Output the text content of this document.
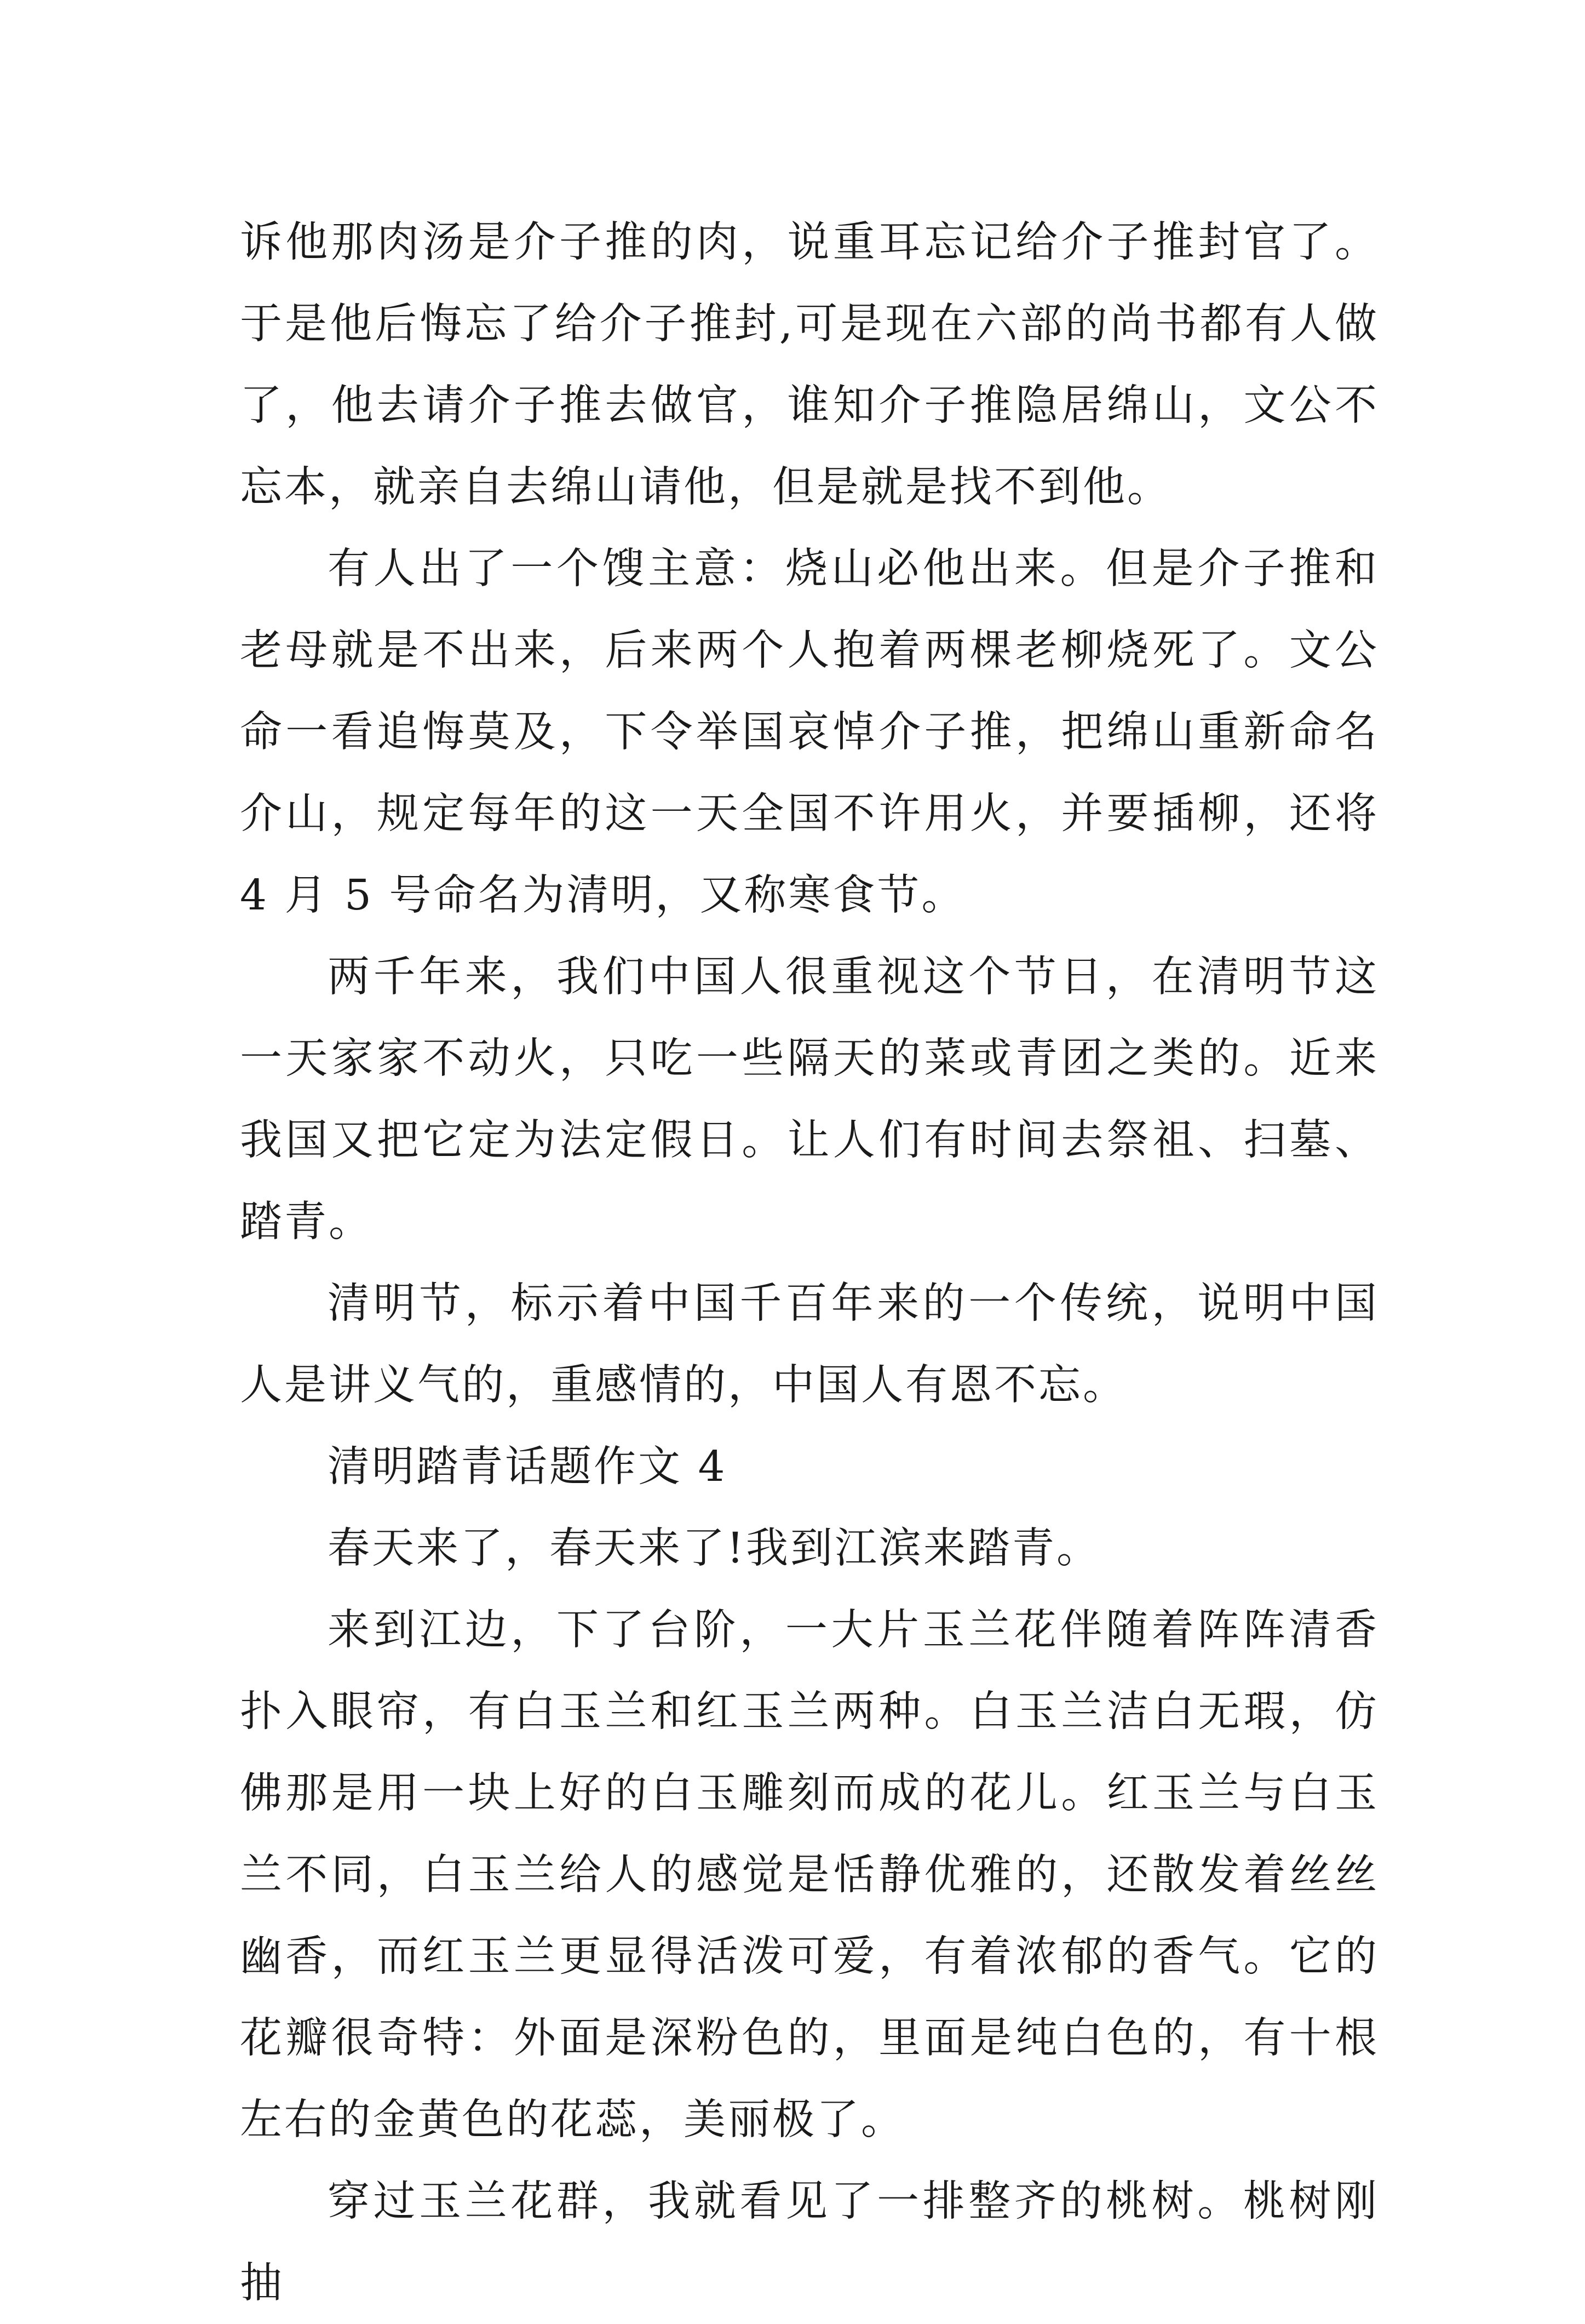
诉他那肉汤是介子推的肉，说重耳忘记给介子推封官了。于是他后悔忘了给介子推封,可是现在六部的尚书都有人做了，他去请介子推去做官，谁知介子推隐居绵山，文公不忘本，就亲自去绵山请他，但是就是找不到他。

有人出了一个馊主意：烧山必他出来。但是介子推和老母就是不出来，后来两个人抱着两棵老柳烧死了。文公命一看追悔莫及，下令举国哀悼介子推，把绵山重新命名介山，规定每年的这一天全国不许用火，并要插柳，还将 4 月 5 号命名为清明，又称寒食节。

两千年来，我们中国人很重视这个节日，在清明节这一天家家不动火，只吃一些隔天的菜或青团之类的。近来我国又把它定为法定假日。让人们有时间去祭祖、扫墓、踏青。

清明节，标示着中国千百年来的一个传统，说明中国人是讲义气的，重感情的，中国人有恩不忘。

清明踏青话题作文 4

春天来了，春天来了!我到江滨来踏青。

来到江边，下了台阶，一大片玉兰花伴随着阵阵清香扑入眼帘，有白玉兰和红玉兰两种。白玉兰洁白无瑕，仿佛那是用一块上好的白玉雕刻而成的花儿。红玉兰与白玉兰不同，白玉兰给人的感觉是恬静优雅的，还散发着丝丝幽香，而红玉兰更显得活泼可爱，有着浓郁的香气。它的花瓣很奇特：外面是深粉色的，里面是纯白色的，有十根左右的金黄色的花蕊，美丽极了。

穿过玉兰花群，我就看见了一排整齐的桃树。桃树刚抽
